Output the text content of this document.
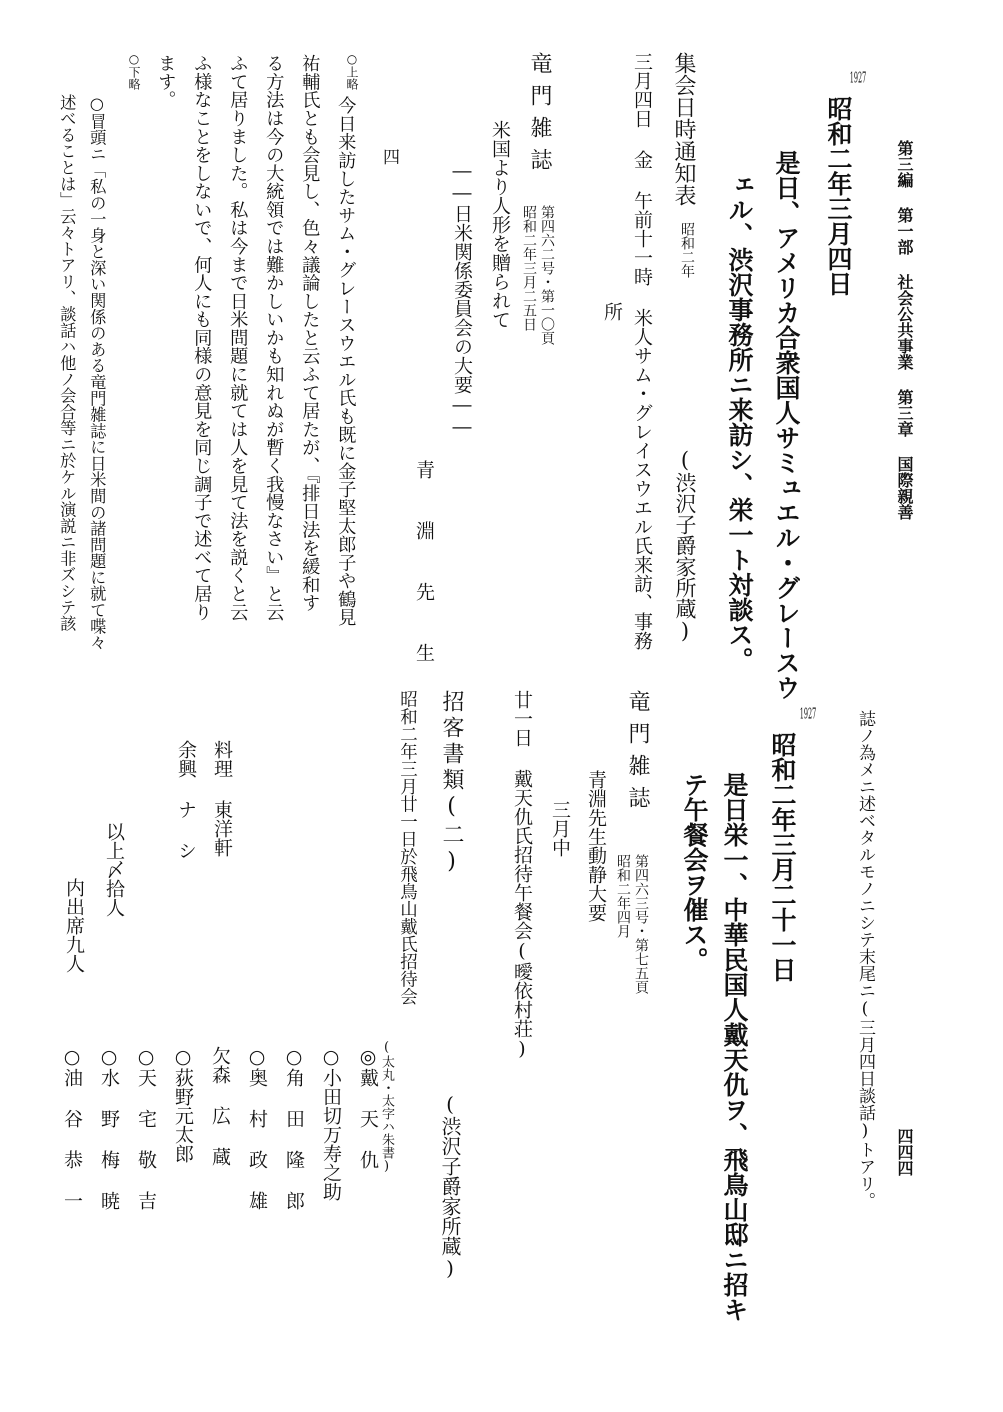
第三編 第一部 社会公共事業 第三章 国際親善
1927
昭和二年三月四日
是日、アメリカ合衆国人サミュエル・グレースウ
ェル、渋沢事務所ニ来訪シ、栄一ト対談ス。
集会日時通知表
昭和二年
(渋沢子爵家所蔵)
三月四日 金 午前十一時 米人サム・グレイスウエル氏来訪、事務
所
竜門雑誌
第四六二号・第一〇頁
昭和二年三月二五日
米国より人形を贈られて
――日米関係委員会の大要――
青 淵 先 生
四
○上略
今日来訪したサム・グレースウエル氏も既に金子堅太郎子や鶴見
祐輔氏とも会見し、色々議論したと云ふて居たが、『排日法を緩和す
る方法は今の大統領では難かしいかも知れぬが暫く我慢なさい』と云
ふて居りました。私は今まで日米問題に就ては人を見て法を説くと云
ふ様なことをしないで、何人にも同様の意見を同じ調子で述べて居り
ます。
○下略
○冒頭ニ「私の一身と深い関係のある竜門雑誌に日米間の諸問題に就て喋々
述べることは」云々トアリ、談話ハ他ノ会合等ニ於ケル演説ニ非ズシテ該
四四四
誌ノ為メニ述ベタルモノニシテ末尾ニ(三月四日談話)トアリ。
1927
昭和二年三月二十一日
是日栄一、中華民国人戴天仇ヲ、飛鳥山邸ニ招キ
テ午餐会ヲ催ス。
竜門雑誌
第四六三号・第七五頁
昭和二年四月
青淵先生動静大要
三月中
廿一日 戴天仇氏招待午餐会(曖依村荘)
招客書類(二)
(渋沢子爵家所蔵)
昭和二年三月廿一日於飛鳥山戴氏招待会
(太丸・太字ハ朱書)
◎戴 天 仇
○小田切万寿之助
○角 田 隆 郎
○奥 村 政 雄
欠森 広 蔵
○荻野元太郎
○天 宅 敬 吉
○水 野 梅 暁
○油 谷 恭 一
料理 東洋軒
余興 ナ シ
以上〆拾人
内出席九人
